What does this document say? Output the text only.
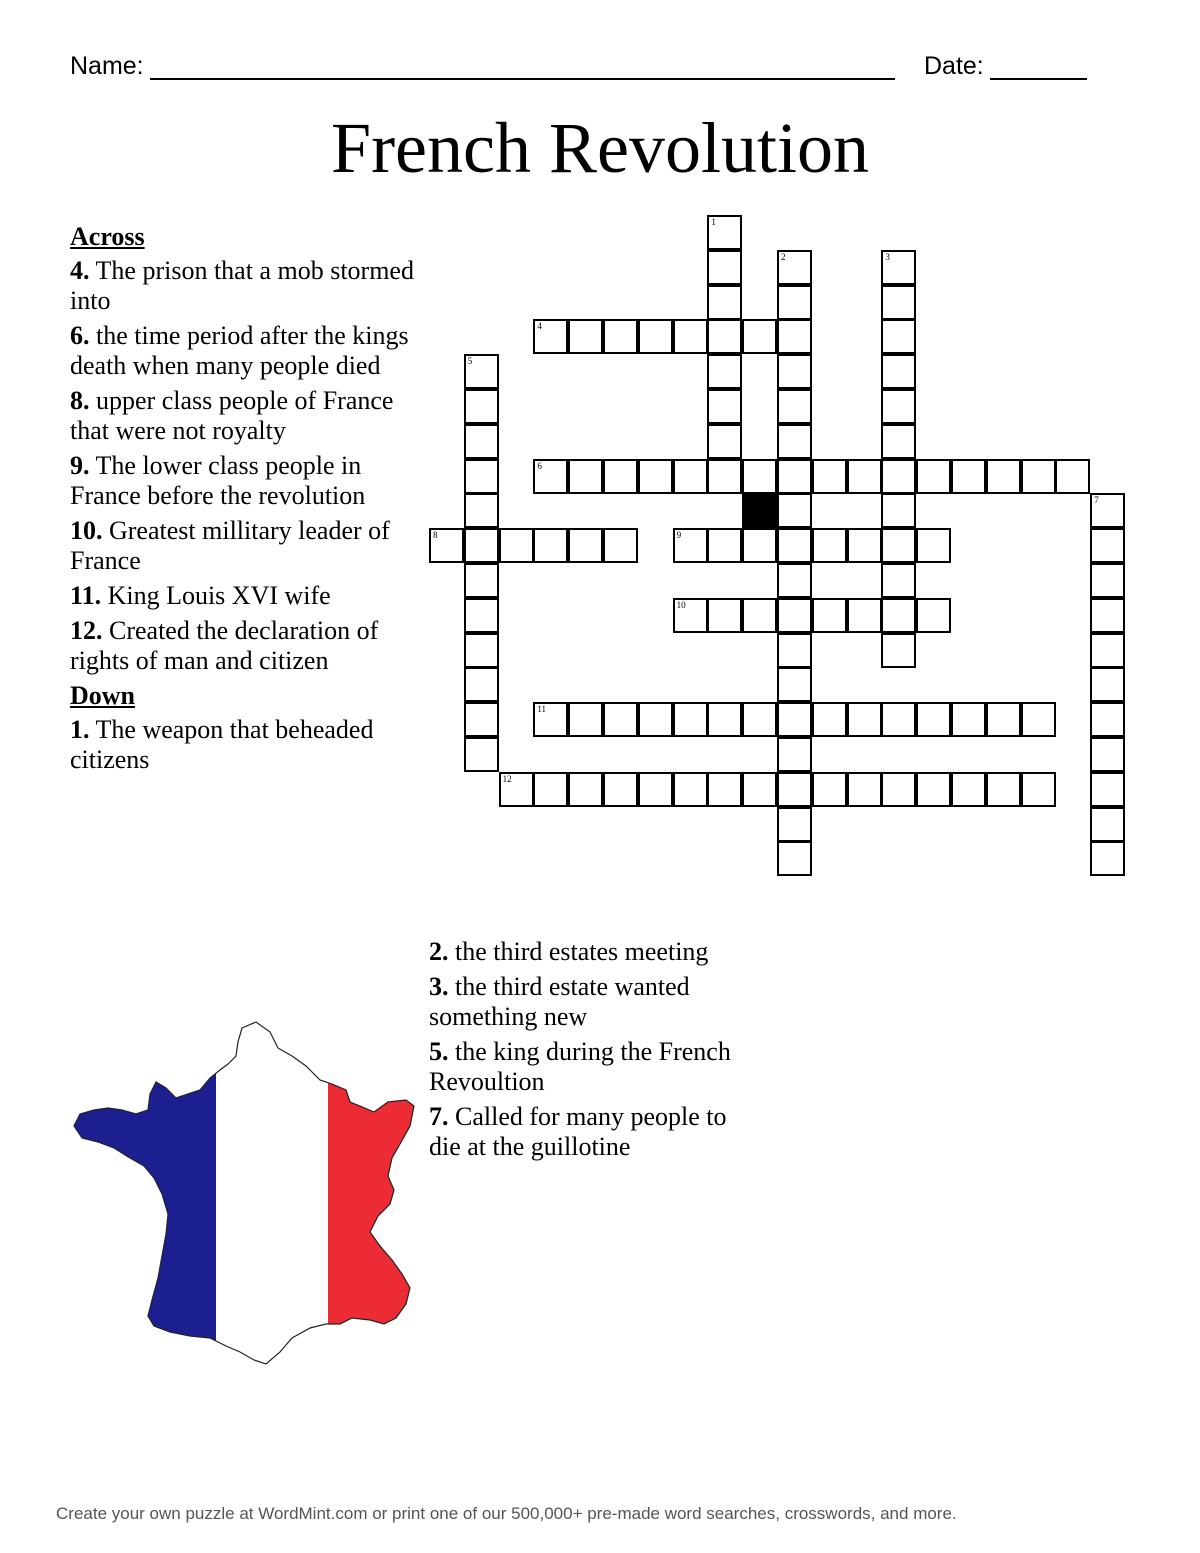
Name:	Date:
French Revolution
Across
4. The prison that a mob stormed into
6. the time period after the kings death when many people died
8. upper class people of France that were not royalty
9. The lower class people in France before the revolution
10. Greatest millitary leader of France
11. King Louis XVI wife
12. Created the declaration of rights of man and citizen
Down
1. The weapon that beheaded citizens
2. the third estates meeting
3. the third estate wanted something new
5. the king during the French Revoultion
7. Called for many people to die at the guillotine
1
2	3
4
5
6
7
8	9
10
11
12
Create your own puzzle at WordMint.com or print one of our 500,000+ pre-made word searches, crosswords, and more.
